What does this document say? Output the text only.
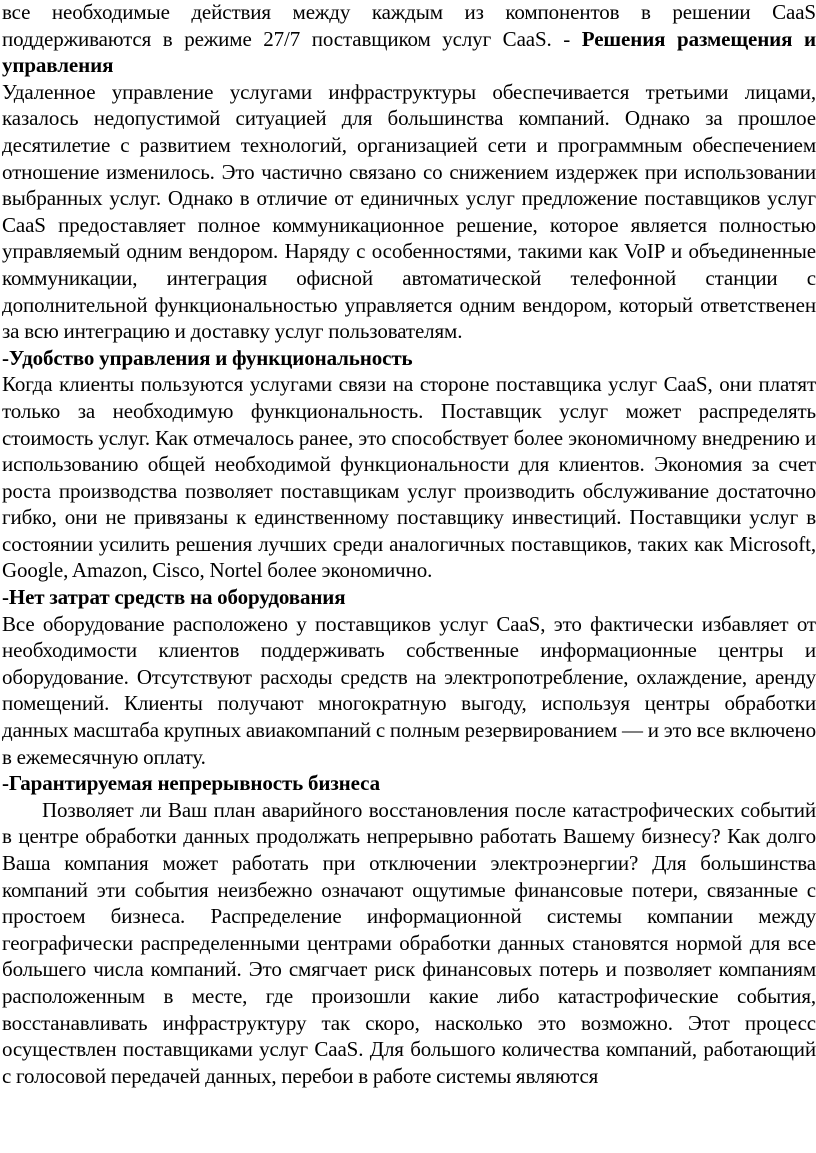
все необходимые действия между каждым из компонентов в решении CaaS поддерживаются в режиме 27/7 поставщиком услуг CaaS. - Решения размещения и управления

Удаленное управление услугами инфраструктуры обеспечивается третьими лицами, казалось недопустимой ситуацией для большинства компаний. Однако за прошлое десятилетие с развитием технологий, организацией сети и программным обеспечением отношение изменилось. Это частично связано со снижением издержек при использовании выбранных услуг. Однако в отличие от единичных услуг предложение поставщиков услуг CaaS предоставляет полное коммуникационное решение, которое является полностью управляемый одним вендором. Наряду с особенностями, такими как VoIP и объединенные коммуникации, интеграция офисной автоматической телефонной станции с дополнительной функциональностью управляется одним вендором, который ответственен за всю интеграцию и доставку услуг пользователям.

-Удобство управления и функциональность

Когда клиенты пользуются услугами связи на стороне поставщика услуг CaaS, они платят только за необходимую функциональность. Поставщик услуг может распределять стоимость услуг. Как отмечалось ранее, это способствует более экономичному внедрению и использованию общей необходимой функциональности для клиентов. Экономия за счет роста производства позволяет поставщикам услуг производить обслуживание достаточно гибко, они не привязаны к единственному поставщику инвестиций. Поставщики услуг в состоянии усилить решения лучших среди аналогичных поставщиков, таких как Microsoft, Google, Amazon, Cisco, Nortel более экономично.

-Нет затрат средств на оборудования

Все оборудование расположено у поставщиков услуг CaaS, это фактически избавляет от необходимости клиентов поддерживать собственные информационные центры и оборудование. Отсутствуют расходы средств на электропотребление, охлаждение, аренду помещений. Клиенты получают многократную выгоду, используя центры обработки данных масштаба крупных авиакомпаний с полным резервированием — и это все включено в ежемесячную оплату.

-Гарантируемая непрерывность бизнеса

Позволяет ли Ваш план аварийного восстановления после катастрофических событий в центре обработки данных продолжать непрерывно работать Вашему бизнесу? Как долго Ваша компания может работать при отключении электроэнергии? Для большинства компаний эти события неизбежно означают ощутимые финансовые потери, связанные с простоем бизнеса. Распределение информационной системы компании между географически распределенными центрами обработки данных становятся нормой для все большего числа компаний. Это смягчает риск финансовых потерь и позволяет компаниям расположенным в месте, где произошли какие либо катастрофические события, восстанавливать инфраструктуру так скоро, насколько это возможно. Этот процесс осуществлен поставщиками услуг CaaS. Для большого количества компаний, работающий с голосовой передачей данных, перебои в работе системы являются
